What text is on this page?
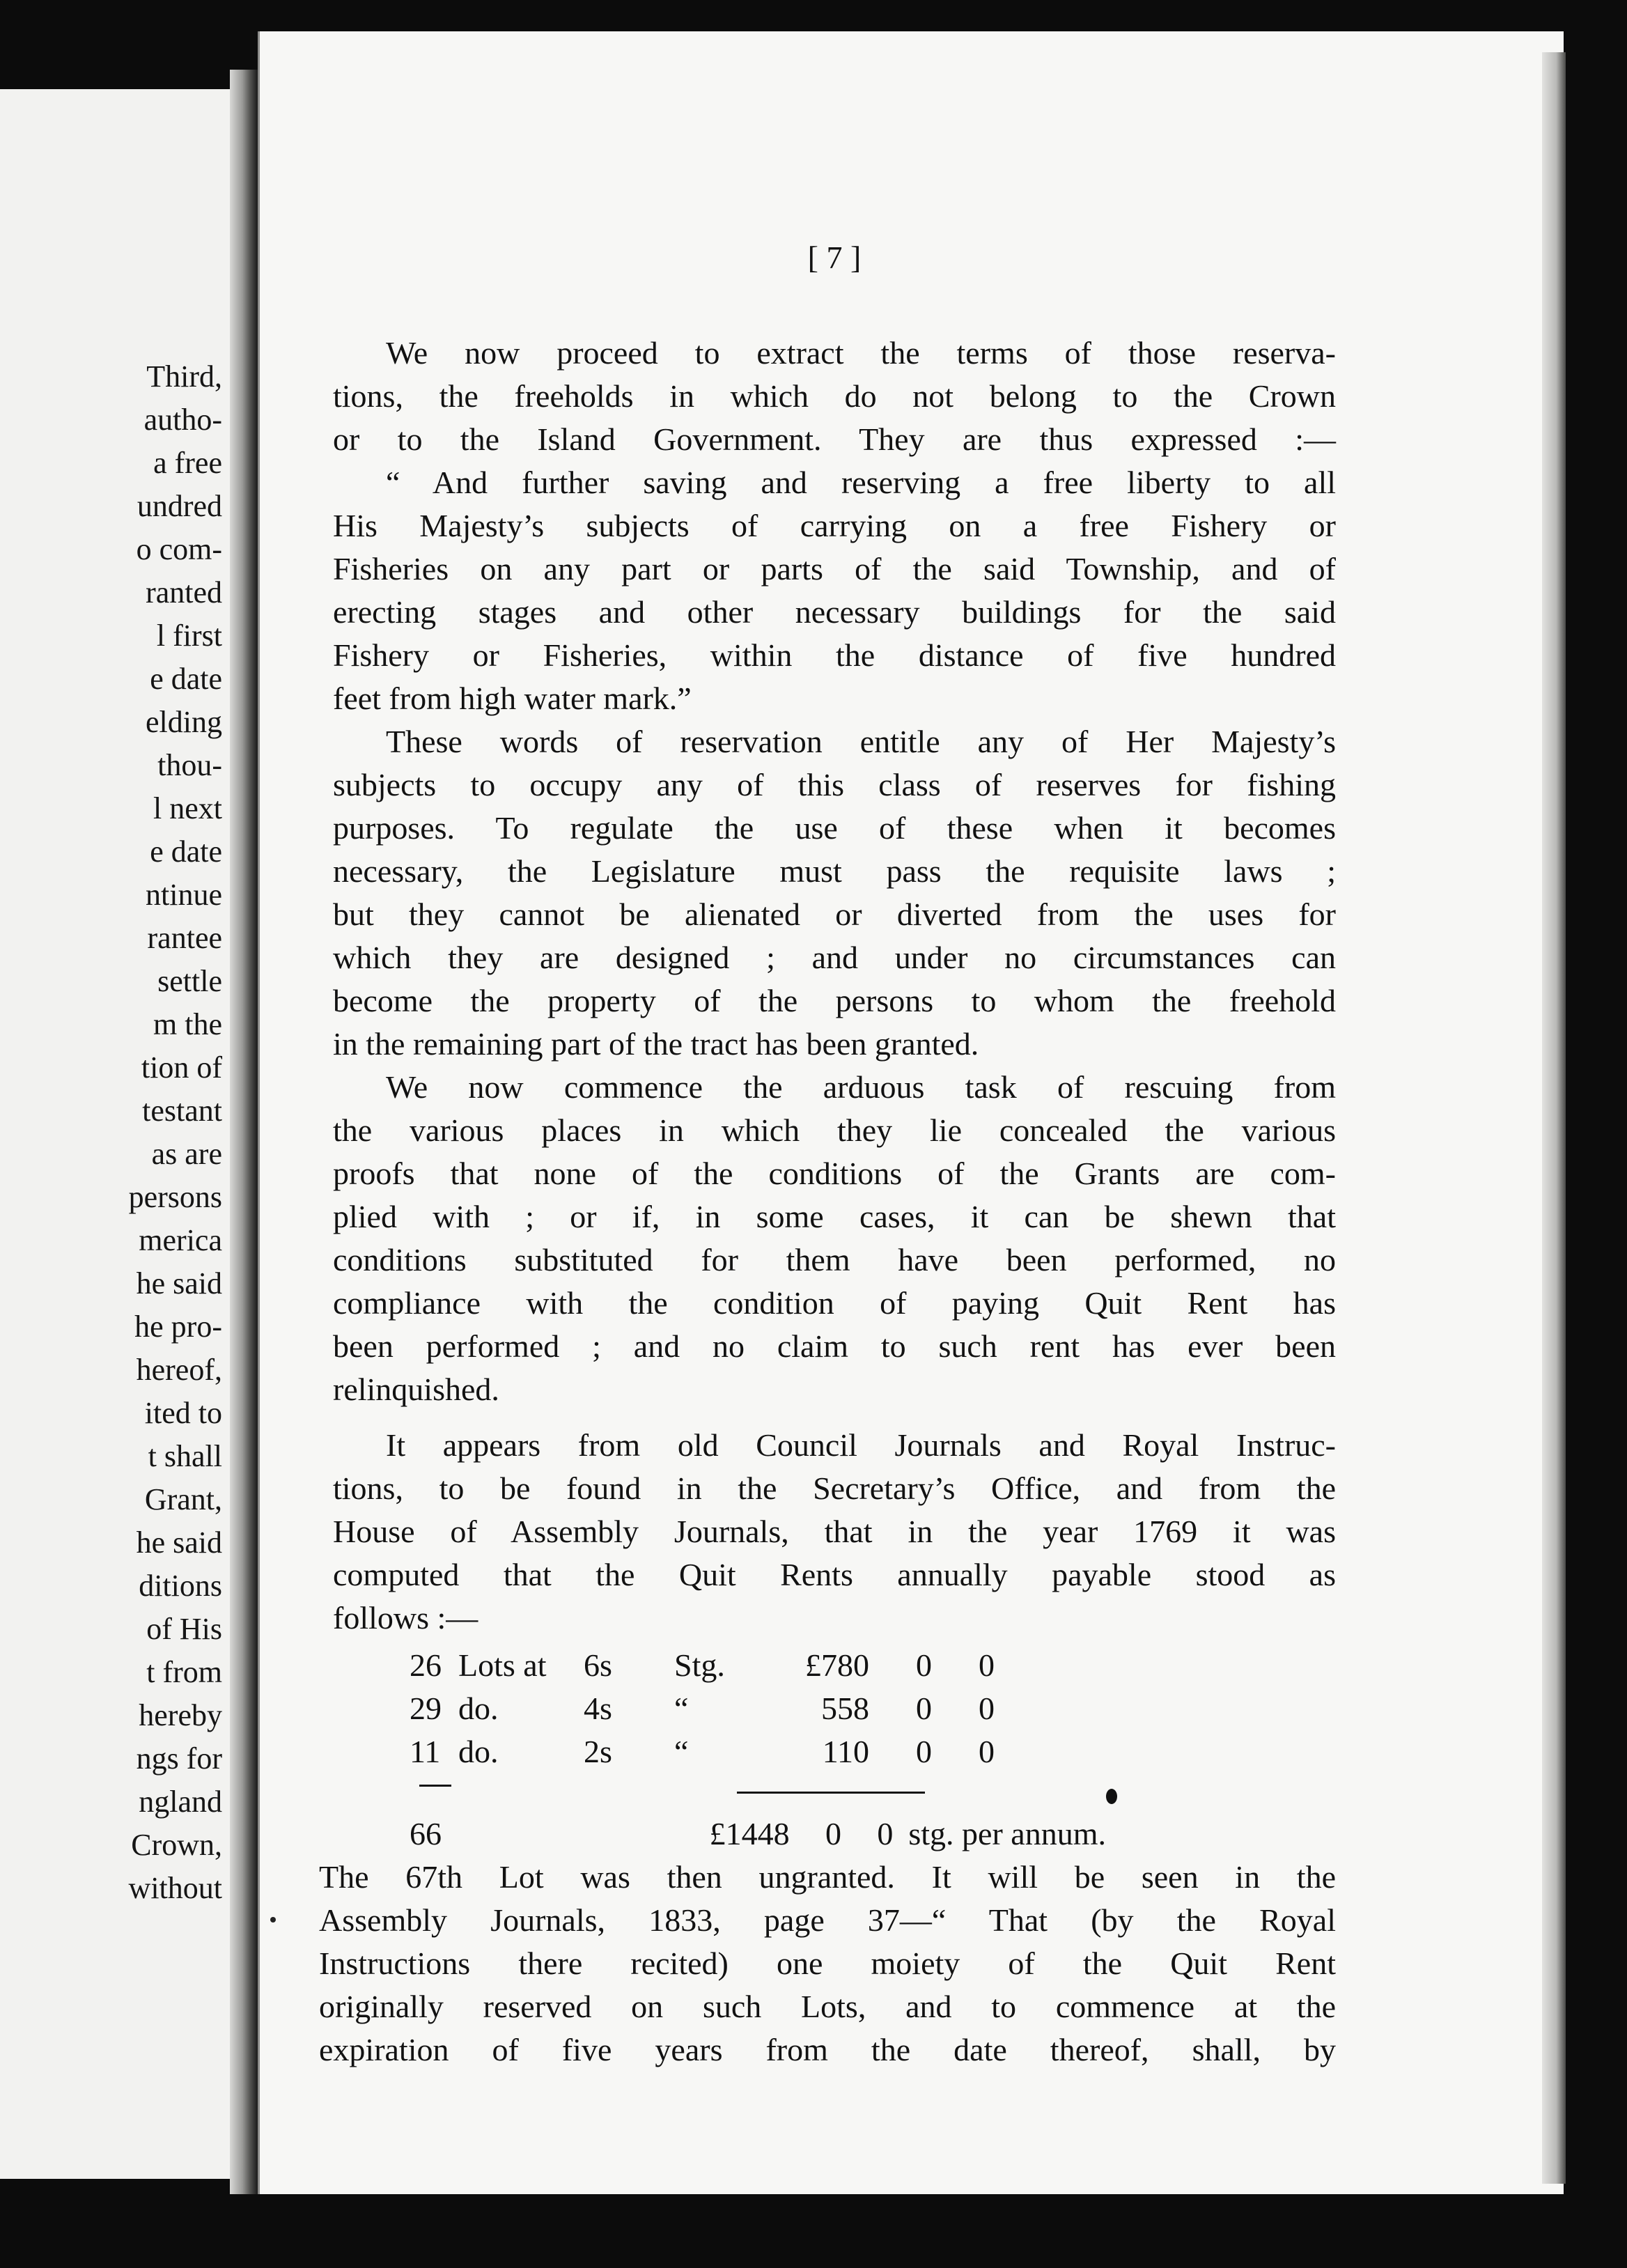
Third,
autho-
a free
undred
o com-
ranted
l first
e date
elding
thou-
l next
e date
ntinue
rantee
settle
m the
tion of
testant
as are
persons
merica
he said
he pro-
hereof,
ited to
t shall
Grant,
he said
ditions
of His
t from
hereby
ngs for
ngland
Crown,
without
[ 7 ]
We now proceed to extract the terms of those reserva-
tions, the freeholds in which do not belong to the Crown
or to the Island Government. They are thus expressed :—
“ And further saving and reserving a free liberty to all
His Majesty’s subjects of carrying on a free Fishery or
Fisheries on any part or parts of the said Township, and of
erecting stages and other necessary buildings for the said
Fishery or Fisheries, within the distance of five hundred
feet from high water mark.”
These words of reservation entitle any of Her Majesty’s
subjects to occupy any of this class of reserves for fishing
purposes. To regulate the use of these when it becomes
necessary, the Legislature must pass the requisite laws ;
but they cannot be alienated or diverted from the uses for
which they are designed ; and under no circumstances can
become the property of the persons to whom the freehold
in the remaining part of the tract has been granted.
We now commence the arduous task of rescuing from
the various places in which they lie concealed the various
proofs that none of the conditions of the Grants are com-
plied with ; or if, in some cases, it can be shewn that
conditions substituted for them have been performed, no
compliance with the condition of paying Quit Rent has
been performed ; and no claim to such rent has ever been
relinquished.
It appears from old Council Journals and Royal Instruc-
tions, to be found in the Secretary’s Office, and from the
House of Assembly Journals, that in the year 1769 it was
computed that the Quit Rents annually payable stood as
follows :—
26 Lots at	6s	Stg.	£780	0	0
29 do.	4s	“	558	0	0
11 do.	2s	“	110	0	0
66	£1448	0	0 stg. per annum.
The 67th Lot was then ungranted. It will be seen in the
Assembly Journals, 1833, page 37—“ That (by the Royal
Instructions there recited) one moiety of the Quit Rent
originally reserved on such Lots, and to commence at the
expiration of five years from the date thereof, shall, by
